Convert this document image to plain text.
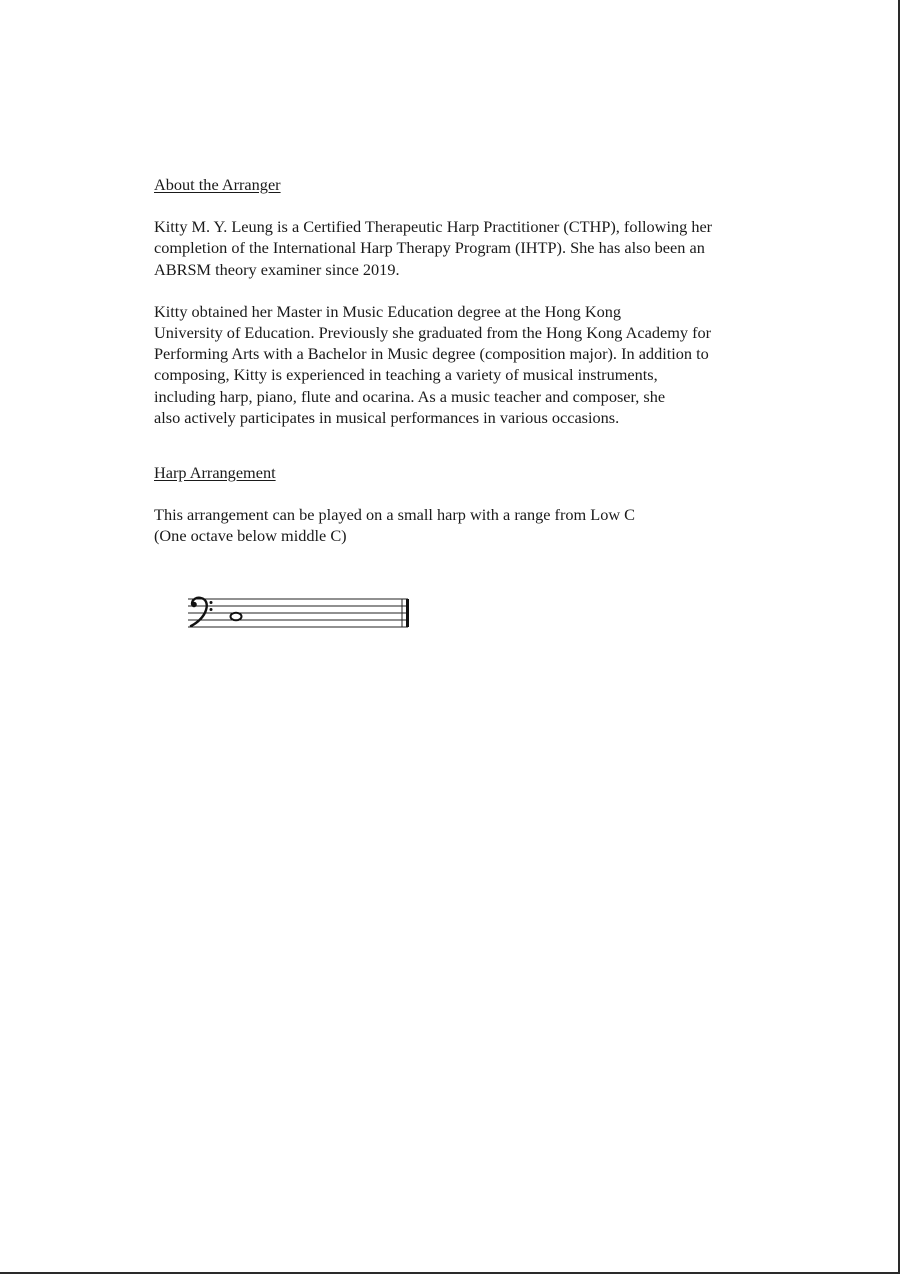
About the Arranger

Kitty M. Y. Leung is a Certified Therapeutic Harp Practitioner (CTHP), following her
completion of the International Harp Therapy Program (IHTP). She has also been an
ABRSM theory examiner since 2019.

Kitty obtained her Master in Music Education degree at the Hong Kong
University of Education. Previously she graduated from the Hong Kong Academy for
Performing Arts with a Bachelor in Music degree (composition major). In addition to
composing, Kitty is experienced in teaching a variety of musical instruments,
including harp, piano, flute and ocarina. As a music teacher and composer, she
also actively participates in musical performances in various occasions.

Harp Arrangement

This arrangement can be played on a small harp with a range from Low C
(One octave below middle C)
